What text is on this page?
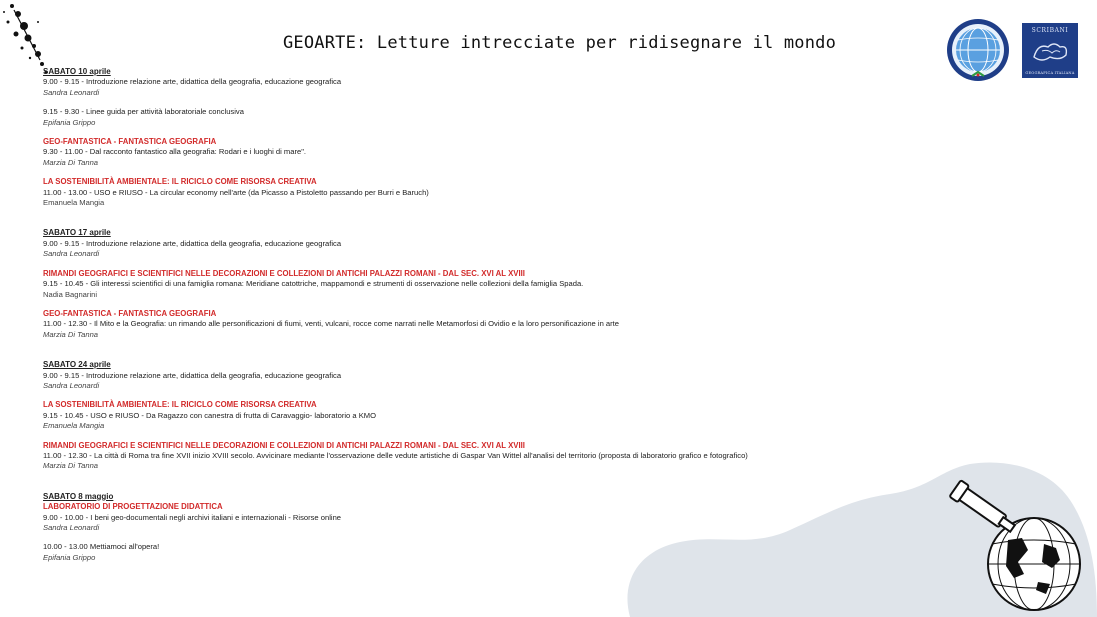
GEOARTE: Letture intrecciate per ridisegnare il mondo
SCRIBANI
GEOGRAFICA ITALIANA
SABATO 10 aprile
9.00 - 9.15 - Introduzione relazione arte, didattica della geografia, educazione geografica
Sandra Leonardi
9.15 - 9.30 - Linee guida per attività laboratoriale conclusiva
Epifania Grippo
GEO-FANTASTICA - FANTASTICA GEOGRAFIA
9.30 - 11.00 - Dal racconto fantastico alla geografia: Rodari e i luoghi di mare".
Marzia Di Tanna
LA SOSTENIBILITÀ AMBIENTALE: IL RICICLO COME RISORSA CREATIVA
11.00 - 13.00 - USO e RIUSO - La circular economy nell'arte (da Picasso a Pistoletto passando per Burri e Baruch)
Emanuela Mangia
SABATO 17 aprile
9.00 - 9.15 - Introduzione relazione arte, didattica della geografia, educazione geografica
Sandra Leonardi
RIMANDI GEOGRAFICI E SCIENTIFICI NELLE DECORAZIONI E COLLEZIONI DI ANTICHI PALAZZI ROMANI - DAL SEC. XVI AL XVIII
9.15 - 10.45 - Gli interessi scientifici di una famiglia romana: Meridiane catottriche, mappamondi e strumenti di osservazione nelle collezioni della famiglia Spada.
Nadia Bagnarini
GEO-FANTASTICA - FANTASTICA GEOGRAFIA
11.00 - 12.30 - Il Mito e la Geografia: un rimando alle personificazioni di fiumi, venti, vulcani, rocce come narrati nelle Metamorfosi di Ovidio e la loro personificazione in arte
Marzia Di Tanna
SABATO 24 aprile
9.00 - 9.15 - Introduzione relazione arte, didattica della geografia, educazione geografica
Sandra Leonardi
LA SOSTENIBILITÀ AMBIENTALE: IL RICICLO COME RISORSA CREATIVA
9.15 - 10.45 - USO e RIUSO - Da Ragazzo con canestra di frutta di Caravaggio- laboratorio a KMO
Emanuela Mangia
RIMANDI GEOGRAFICI E SCIENTIFICI NELLE DECORAZIONI E COLLEZIONI DI ANTICHI PALAZZI ROMANI - DAL SEC. XVI AL XVIII
11.00 - 12.30 - La città di Roma tra fine XVII inizio XVIII secolo. Avvicinare mediante l'osservazione delle vedute artistiche di Gaspar Van Wittel all'analisi del territorio (proposta di laboratorio grafico e fotografico)
Marzia Di Tanna
SABATO 8 maggio
LABORATORIO DI PROGETTAZIONE DIDATTICA
9.00 - 10.00 - I beni geo-documentali negli archivi italiani e internazionali - Risorse online
Sandra Leonardi
10.00 - 13.00 Mettiamoci all'opera!
Epifania Grippo
